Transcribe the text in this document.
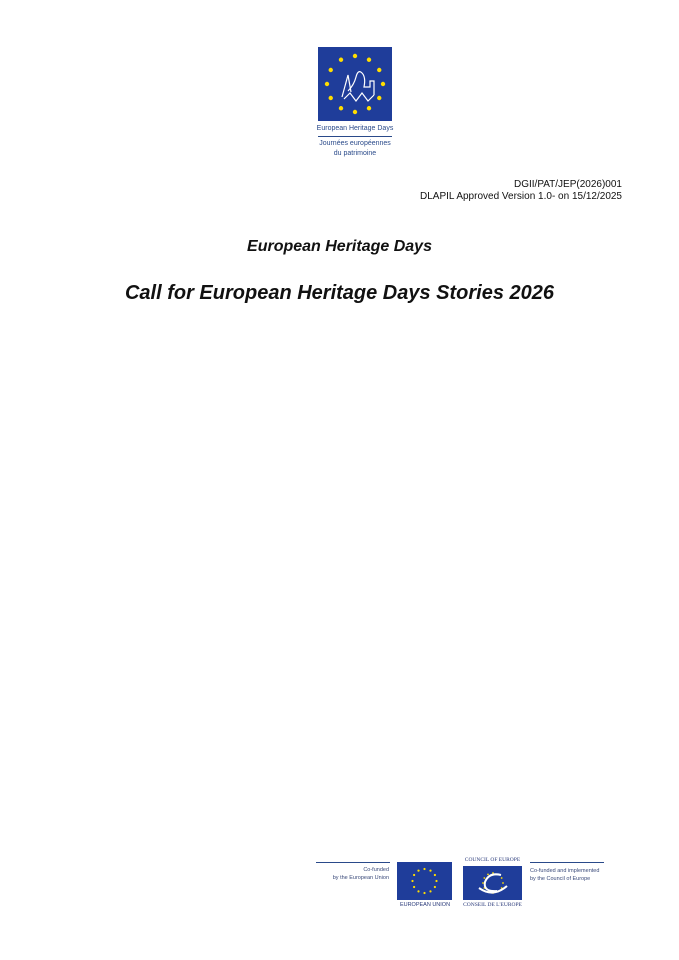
European Heritage Days
Journées européennes
du patrimoine
DGII/PAT/JEP(2026)001
DLAPIL Approved Version 1.0- on 15/12/2025
European Heritage Days
Call for European Heritage Days Stories 2026
Co-funded
by the European Union
EUROPEAN UNION
COUNCIL OF EUROPE
CONSEIL DE L'EUROPE
Co-funded and implemented
by the Council of Europe
